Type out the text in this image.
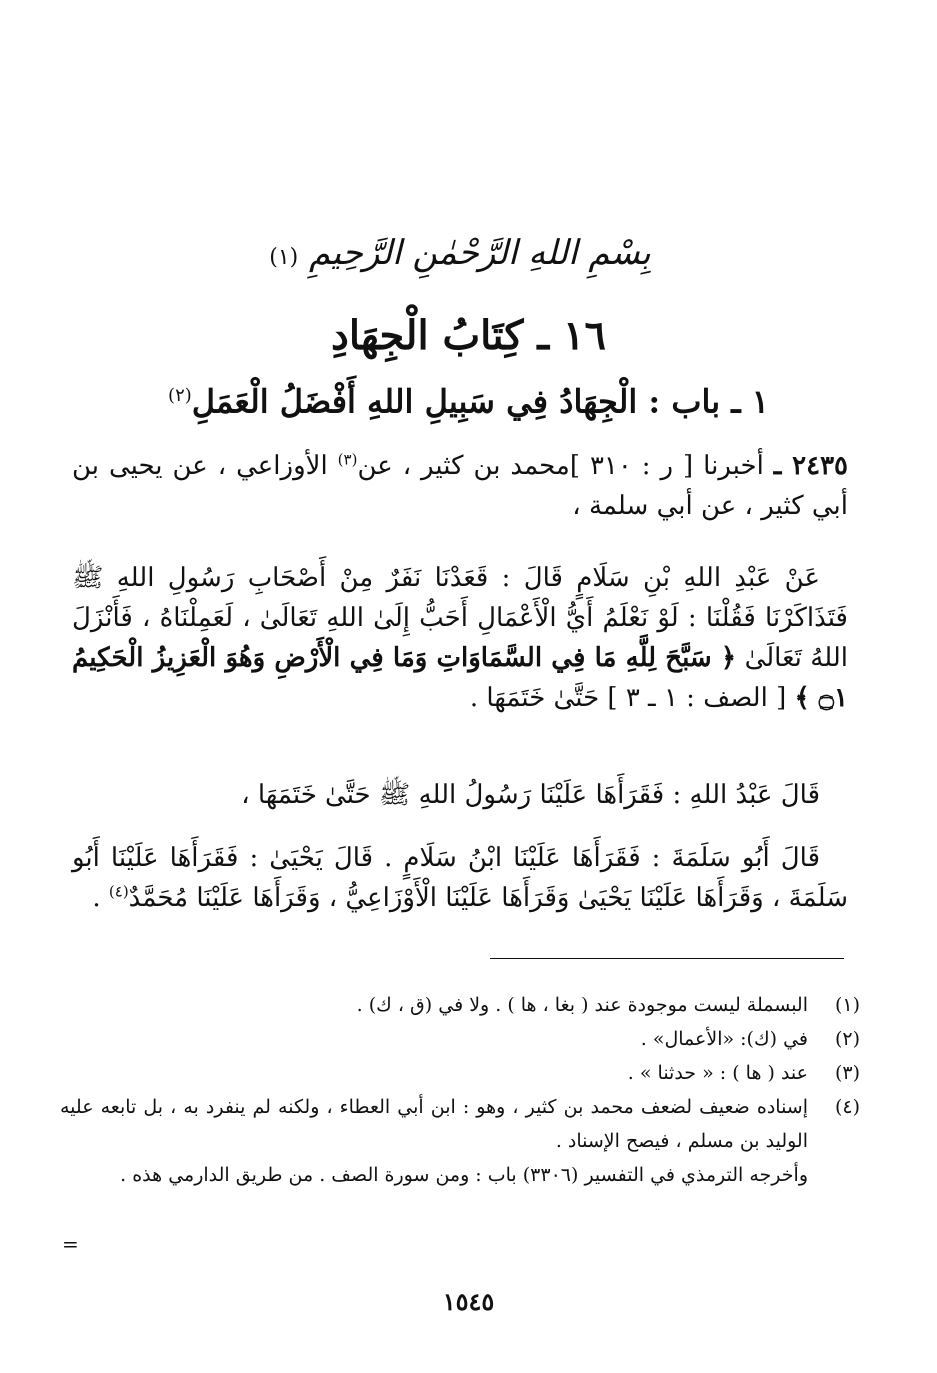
بِسْمِ اللهِ الرَّحْمٰنِ الرَّحِيمِ (١)
١٦ ـ كِتَابُ الْجِهَادِ
١ ـ باب : الْجِهَادُ فِي سَبِيلِ اللهِ أَفْضَلُ الْعَمَلِ$^{(٢)}$
٢٤٣٥ ـ أخبرنا [ ر : ٣١٠ ]محمد بن كثير ، عن$^{(٣)}$ الأوزاعي ، عن يحيى بن أبي كثير ، عن أبي سلمة ،
عَنْ عَبْدِ اللهِ بْنِ سَلَامٍ قَالَ : قَعَدْنَا نَفَرٌ مِنْ أَصْحَابِ رَسُولِ اللهِ ﷺ فَتَذَاكَرْنَا فَقُلْنَا : لَوْ نَعْلَمُ أَيُّ الْأَعْمَالِ أَحَبُّ إِلَىٰ اللهِ تَعَالَىٰ ، لَعَمِلْنَاهُ ، فَأَنْزَلَ اللهُ تَعَالَىٰ ﴿ سَبَّحَ لِلَّهِ مَا فِي السَّمَاوَاتِ وَمَا فِي الْأَرْضِ وَهُوَ الْعَزِيزُ الْحَكِيمُ ۝١ ﴾ [ الصف : ١ ـ ٣ ] حَتَّىٰ خَتَمَهَا .
قَالَ عَبْدُ اللهِ : فَقَرَأَهَا عَلَيْنَا رَسُولُ اللهِ ﷺ حَتَّىٰ خَتَمَهَا ،
قَالَ أَبُو سَلَمَةَ : فَقَرَأَهَا عَلَيْنَا ابْنُ سَلَامٍ . قَالَ يَحْيَىٰ : فَقَرَأَهَا عَلَيْنَا أَبُو سَلَمَةَ ، وَقَرَأَهَا عَلَيْنَا يَحْيَىٰ وَقَرَأَهَا عَلَيْنَا الْأَوْزَاعِيُّ ، وَقَرَأَهَا عَلَيْنَا مُحَمَّدٌ$^{(٤)}$ .
(١)
البسملة ليست موجودة عند ( بغا ، ها ) . ولا في (ق ، ك) .
(٢)
في (ك): «الأعمال» .
(٣)
عند ( ها ) : « حدثنا » .
(٤)
إسناده ضعيف لضعف محمد بن كثير ، وهو : ابن أبي العطاء ، ولكنه لم ينفرد به ، بل تابعه عليه الوليد بن مسلم ، فيصح الإسناد .
وأخرجه الترمذي في التفسير (٣٣٠٦) باب : ومن سورة الصف . من طريق الدارمي هذه .
=
١٥٤٥
